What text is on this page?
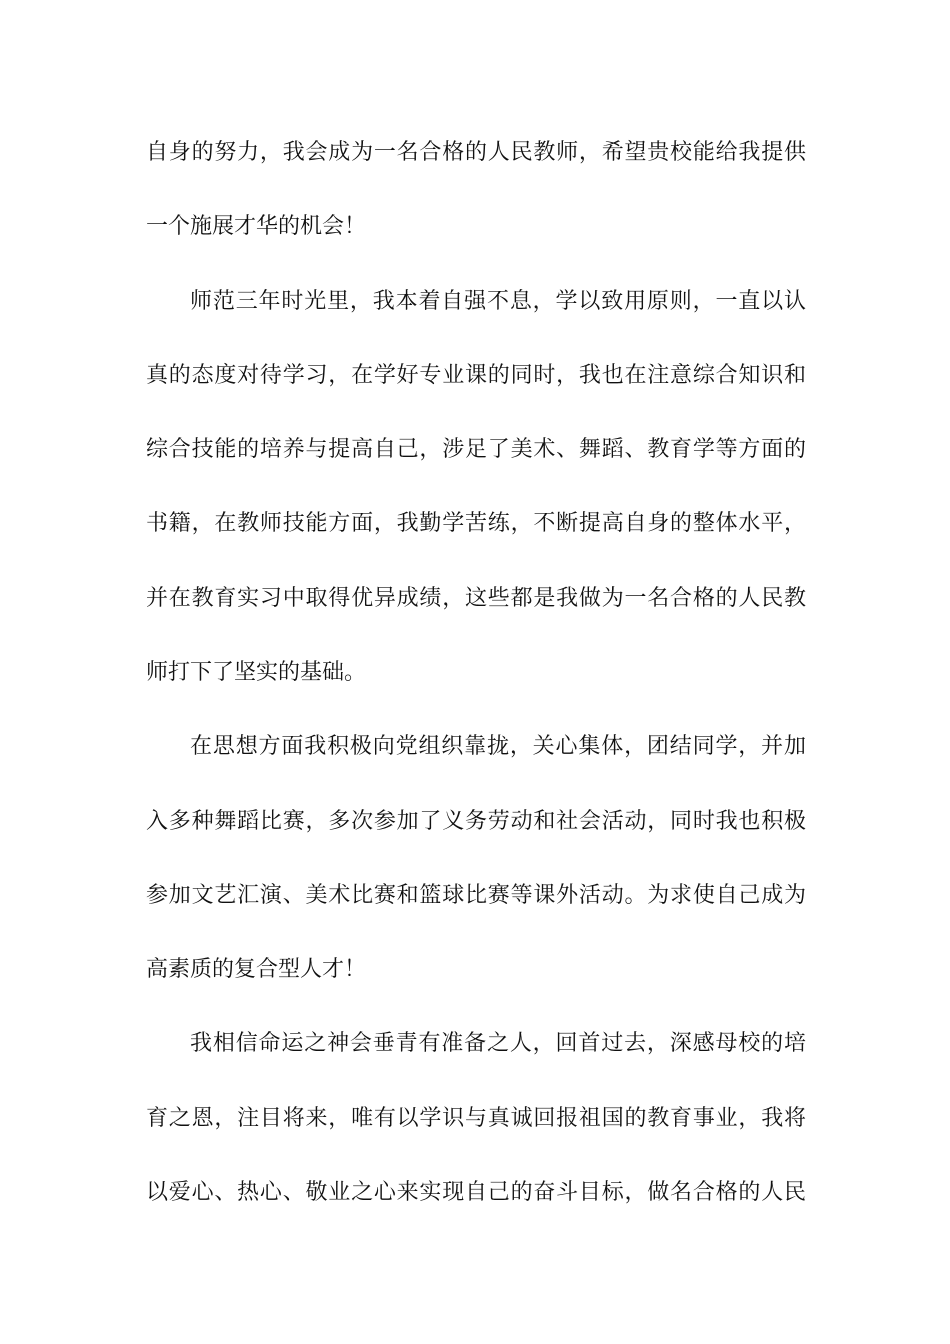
自身的努力，我会成为一名合格的人民教师，希望贵校能给我提供
一个施展才华的机会！
师范三年时光里，我本着自强不息，学以致用原则，一直以认
真的态度对待学习，在学好专业课的同时，我也在注意综合知识和
综合技能的培养与提高自己，涉足了美术、舞蹈、教育学等方面的
书籍，在教师技能方面，我勤学苦练，不断提高自身的整体水平，
并在教育实习中取得优异成绩，这些都是我做为一名合格的人民教
师打下了坚实的基础。
在思想方面我积极向党组织靠拢，关心集体，团结同学，并加
入多种舞蹈比赛，多次参加了义务劳动和社会活动，同时我也积极
参加文艺汇演、美术比赛和篮球比赛等课外活动。为求使自己成为
高素质的复合型人才！
我相信命运之神会垂青有准备之人，回首过去，深感母校的培
育之恩，注目将来，唯有以学识与真诚回报祖国的教育事业，我将
以爱心、热心、敬业之心来实现自己的奋斗目标，做名合格的人民
